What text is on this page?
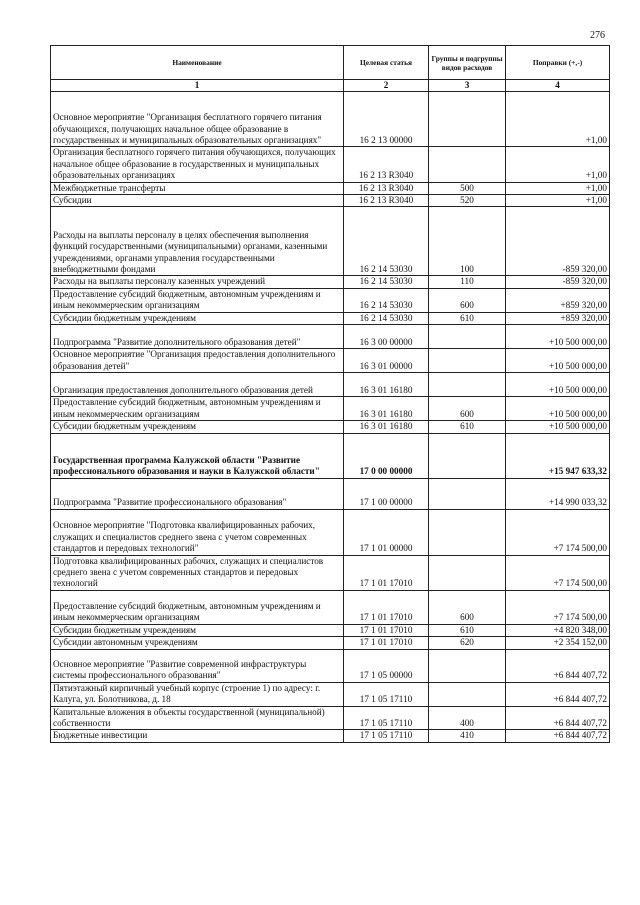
276
Наименование	Целевая статья	Группы и подгруппы видов расходов	Поправки (+,-)
1	2	3	4
Основное мероприятие "Организация бесплатного горячего питания обучающихся, получающих начальное общее образование в государственных и муниципальных образовательных организациях"	16 2 13 00000		+1,00
Организация бесплатного горячего питания обучающихся, получающих начальное общее образование в государственных и муниципальных образовательных организациях	16 2 13 R3040		+1,00
Межбюджетные трансферты	16 2 13 R3040	500	+1,00
Субсидии	16 2 13 R3040	520	+1,00
Расходы на выплаты персоналу в целях обеспечения выполнения функций государственными (муниципальными) органами, казенными учреждениями, органами управления государственными внебюджетными фондами	16 2 14 53030	100	-859 320,00
Расходы на выплаты персоналу казенных учреждений	16 2 14 53030	110	-859 320,00
Предоставление субсидий бюджетным, автономным учреждениям и иным некоммерческим организациям	16 2 14 53030	600	+859 320,00
Субсидии бюджетным учреждениям	16 2 14 53030	610	+859 320,00
Подпрограмма "Развитие дополнительного образования детей"	16 3 00 00000		+10 500 000,00
Основное мероприятие "Организация предоставления дополнительного образования детей"	16 3 01 00000		+10 500 000,00
Организация предоставления дополнительного образования детей	16 3 01 16180		+10 500 000,00
Предоставление субсидий бюджетным, автономным учреждениям и иным некоммерческим организациям	16 3 01 16180	600	+10 500 000,00
Субсидии бюджетным учреждениям	16 3 01 16180	610	+10 500 000,00
Государственная программа Калужской области "Развитие профессионального образования и науки в Калужской области"	17 0 00 00000		+15 947 633,32
Подпрограмма "Развитие профессионального образования"	17 1 00 00000		+14 990 033,32
Основное мероприятие "Подготовка квалифицированных рабочих, служащих и специалистов среднего звена с учетом современных стандартов и передовых технологий"	17 1 01 00000		+7 174 500,00
Подготовка квалифицированных рабочих, служащих и специалистов среднего звена с учетом современных стандартов и передовых технологий	17 1 01 17010		+7 174 500,00
Предоставление субсидий бюджетным, автономным учреждениям и иным некоммерческим организациям	17 1 01 17010	600	+7 174 500,00
Субсидии бюджетным учреждениям	17 1 01 17010	610	+4 820 348,00
Субсидии автономным учреждениям	17 1 01 17010	620	+2 354 152,00
Основное мероприятие "Развитие современной инфраструктуры системы профессионального образования"	17 1 05 00000		+6 844 407,72
Пятиэтажный кирпичный учебный корпус (строение 1) по адресу: г. Калуга, ул. Болотникова, д. 18	17 1 05 17110		+6 844 407,72
Капитальные вложения в объекты государственной (муниципальной) собственности	17 1 05 17110	400	+6 844 407,72
Бюджетные инвестиции	17 1 05 17110	410	+6 844 407,72
